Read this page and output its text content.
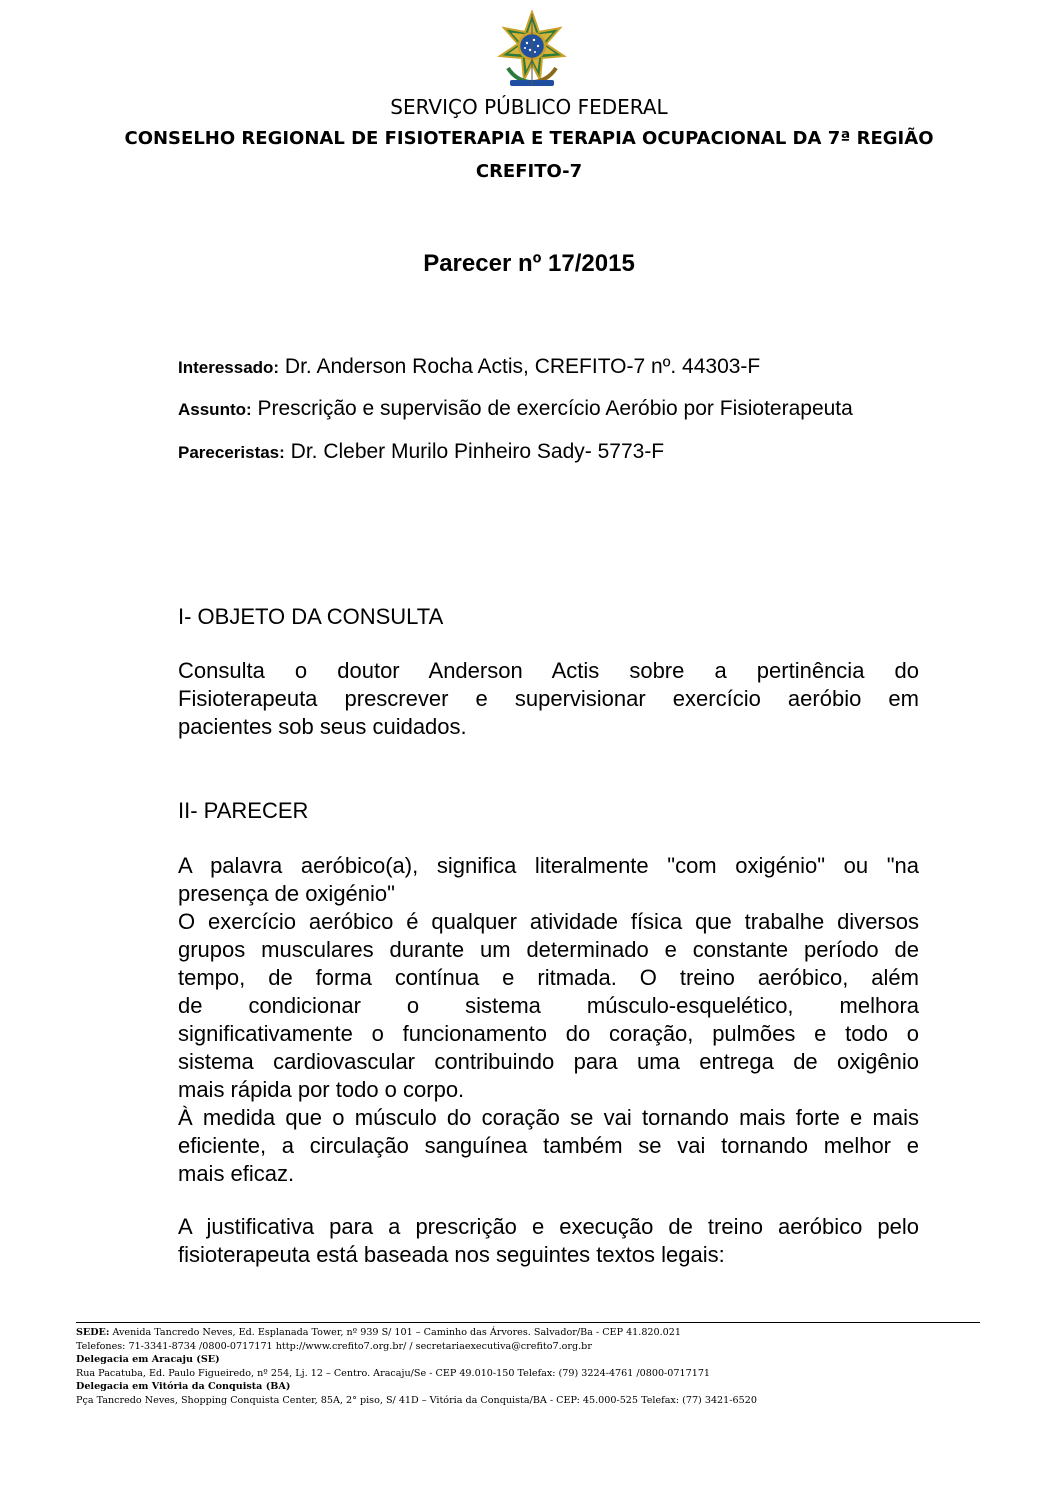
SERVIÇO PÚBLICO FEDERAL
CONSELHO REGIONAL DE FISIOTERAPIA E TERAPIA OCUPACIONAL DA 7ª REGIÃO
CREFITO-7
Parecer nº 17/2015
Interessado: Dr. Anderson Rocha Actis, CREFITO-7 nº. 44303-F
Assunto: Prescrição e supervisão de exercício Aeróbio por Fisioterapeuta
Pareceristas: Dr. Cleber Murilo Pinheiro Sady- 5773-F
I- OBJETO DA CONSULTA
Consulta o doutor Anderson Actis sobre a pertinência do
Fisioterapeuta prescrever e supervisionar exercício aeróbio em
pacientes sob seus cuidados.
II- PARECER
A palavra aeróbico(a), significa literalmente "com oxigénio" ou "na
presença de oxigénio"
O exercício aeróbico é qualquer atividade física que trabalhe diversos
grupos musculares durante um determinado e constante período de
tempo, de forma contínua e ritmada. O treino aeróbico, além
de condicionar o sistema músculo-esquelético, melhora
significativamente o funcionamento do coração, pulmões e todo o
sistema cardiovascular contribuindo para uma entrega de oxigênio
mais rápida por todo o corpo.
À medida que o músculo do coração se vai tornando mais forte e mais
eficiente, a circulação sanguínea também se vai tornando melhor e
mais eficaz.
A justificativa para a prescrição e execução de treino aeróbico pelo
fisioterapeuta está baseada nos seguintes textos legais:
SEDE: Avenida Tancredo Neves, Ed. Esplanada Tower, nº 939 S/ 101 – Caminho das Árvores. Salvador/Ba - CEP 41.820.021
Telefones: 71-3341-8734 /0800-0717171 http://www.crefito7.org.br/ / secretariaexecutiva@crefito7.org.br
Delegacia em Aracaju (SE)
Rua Pacatuba, Ed. Paulo Figueiredo, nº 254, Lj. 12 – Centro. Aracaju/Se - CEP 49.010-150 Telefax: (79) 3224-4761 /0800-0717171
Delegacia em Vitória da Conquista (BA)
Pça Tancredo Neves, Shopping Conquista Center, 85A, 2° piso, S/ 41D – Vitória da Conquista/BA - CEP: 45.000-525 Telefax: (77) 3421-6520
